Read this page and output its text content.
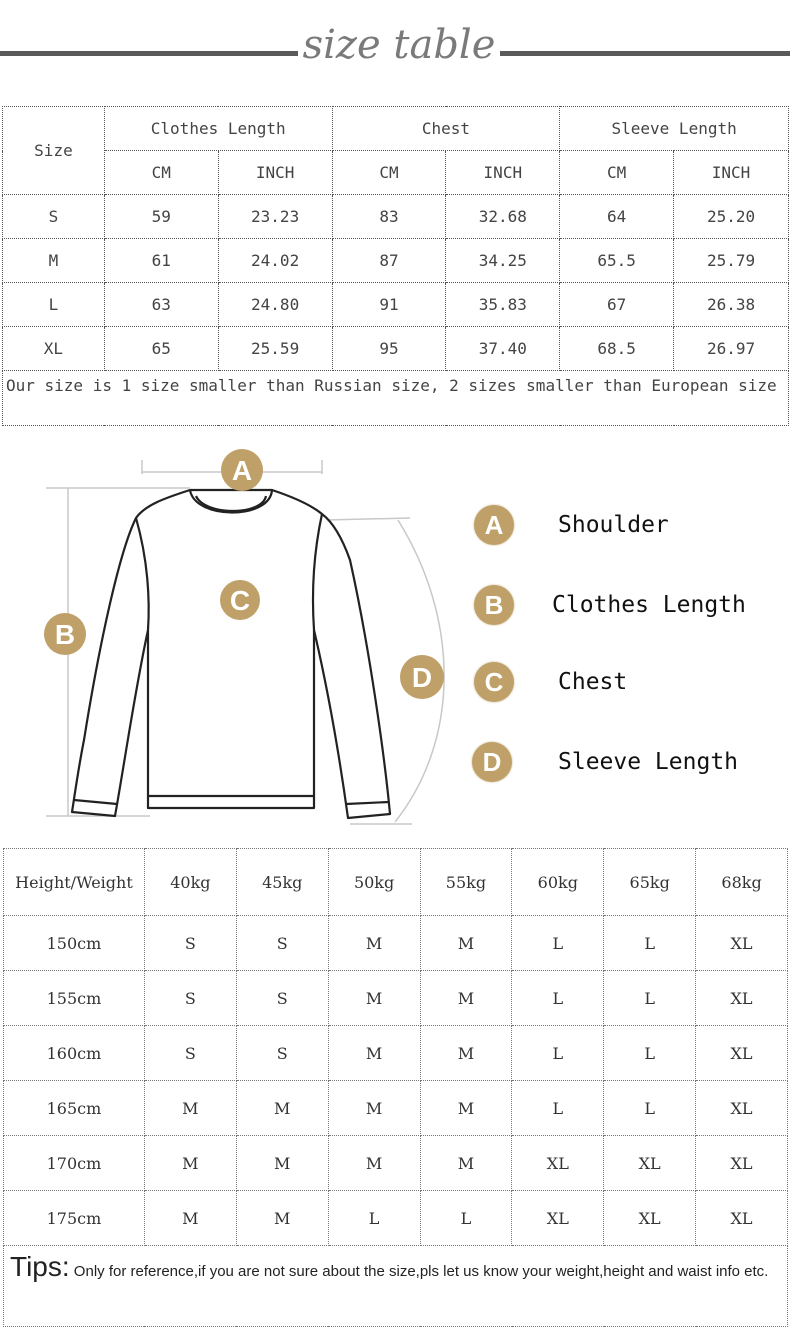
size table
Size	Clothes Length		Chest		Sleeve Length	
	CM	INCH	CM	INCH	CM	INCH
S	59	23.23	83	32.68	64	25.20
M	61	24.02	87	34.25	65.5	25.79
L	63	24.80	91	35.83	67	26.38
XL	65	25.59	95	37.40	68.5	26.97
Our size is 1 size smaller than Russian size, 2 sizes smaller than European size						
A
B
C
D
A	Shoulder
B	Clothes Length
C	Chest
D	Sleeve Length
Height/Weight	40kg	45kg	50kg	55kg	60kg	65kg	68kg
150cm	S	S	M	M	L	L	XL
155cm	S	S	M	M	L	L	XL
160cm	S	S	M	M	L	L	XL
165cm	M	M	M	M	L	L	XL
170cm	M	M	M	M	XL	XL	XL
175cm	M	M	L	L	XL	XL	XL
Tips: Only for reference,if you are not sure about the size,pls let us know your weight,height and waist info etc.							
